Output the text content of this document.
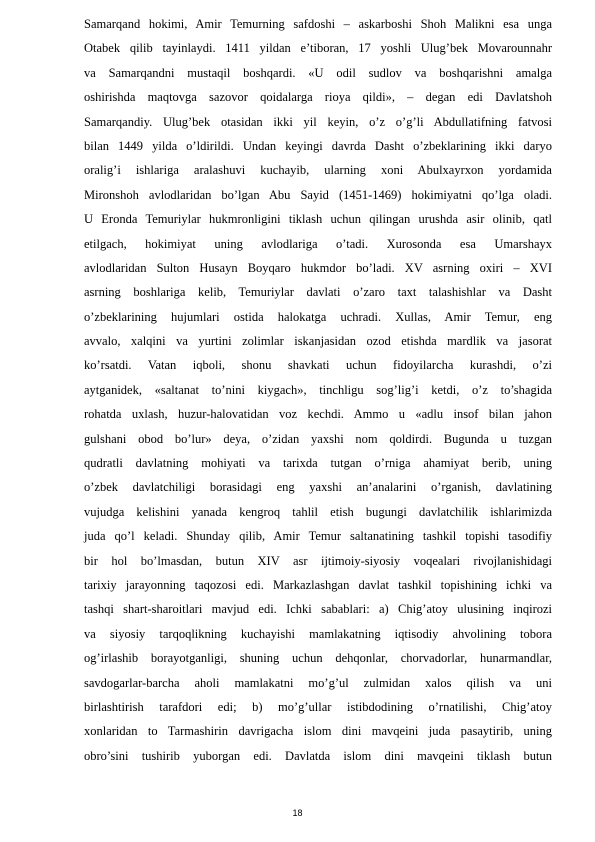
Samarqand hokimi, Amir Temurning safdoshi – askarboshi Shoh Malikni esa unga
Otabek qilib tayinlaydi. 1411 yildan e’tiboran, 17 yoshli Ulug’bek Movarounnahr
va Samarqandni mustaqil boshqardi. «U odil sudlov va boshqarishni amalga
oshirishda maqtovga sazovor qoidalarga rioya qildi», – degan edi Davlatshoh
Samarqandiy. Ulug’bek otasidan ikki yil keyin, o’z o’g’li Abdullatifning fatvosi
bilan 1449 yilda o’ldirildi. Undan keyingi davrda Dasht o’zbeklarining ikki daryo
oralig’i ishlariga aralashuvi kuchayib, ularning xoni Abulxayrxon yordamida
Mironshoh avlodlaridan bo’lgan Abu Sayid (1451-1469) hokimiyatni qo’lga oladi.
U Eronda Temuriylar hukmronligini tiklash uchun qilingan urushda asir olinib, qatl
etilgach, hokimiyat uning avlodlariga o’tadi. Xurosonda esa Umarshayx
avlodlaridan Sulton Husayn Boyqaro hukmdor bo’ladi. XV asrning oxiri – XVI
asrning boshlariga kelib, Temuriylar davlati o’zaro taxt talashishlar va Dasht
o’zbeklarining hujumlari ostida halokatga uchradi. Xullas, Amir Temur, eng
avvalo, xalqini va yurtini zolimlar iskanjasidan ozod etishda mardlik va jasorat
ko’rsatdi. Vatan iqboli, shonu shavkati uchun fidoyilarcha kurashdi, o’zi
aytganidek, «saltanat to’nini kiygach», tinchligu sog’lig’i ketdi, o’z to’shagida
rohatda uxlash, huzur-halovatidan voz kechdi. Ammo u «adlu insof bilan jahon
gulshani obod bo’lur» deya, o’zidan yaxshi nom qoldirdi. Bugunda u tuzgan
qudratli davlatning mohiyati va tarixda tutgan o’rniga ahamiyat berib, uning
o’zbek davlatchiligi borasidagi eng yaxshi an’analarini o’rganish, davlatining
vujudga kelishini yanada kengroq tahlil etish bugungi davlatchilik ishlarimizda
juda qo’l keladi. Shunday qilib, Amir Temur saltanatining tashkil topishi tasodifiy
bir hol bo’lmasdan, butun XIV asr ijtimoiy-siyosiy voqealari rivojlanishidagi
tarixiy jarayonning taqozosi edi. Markazlashgan davlat tashkil topishining ichki va
tashqi shart-sharoitlari mavjud edi. Ichki sabablari: a) Chig’atoy ulusining inqirozi
va siyosiy tarqoqlikning kuchayishi mamlakatning iqtisodiy ahvolining tobora
og’irlashib borayotganligi, shuning uchun dehqonlar, chorvadorlar, hunarmandlar,
savdogarlar-barcha aholi mamlakatni mo’g’ul zulmidan xalos qilish va uni
birlashtirish tarafdori edi; b) mo’g’ullar istibdodining o’rnatilishi, Chig’atoy
xonlaridan to Tarmashirin davrigacha islom dini mavqeini juda pasaytirib, uning
obro’sini tushirib yuborgan edi. Davlatda islom dini mavqeini tiklash butun
18
